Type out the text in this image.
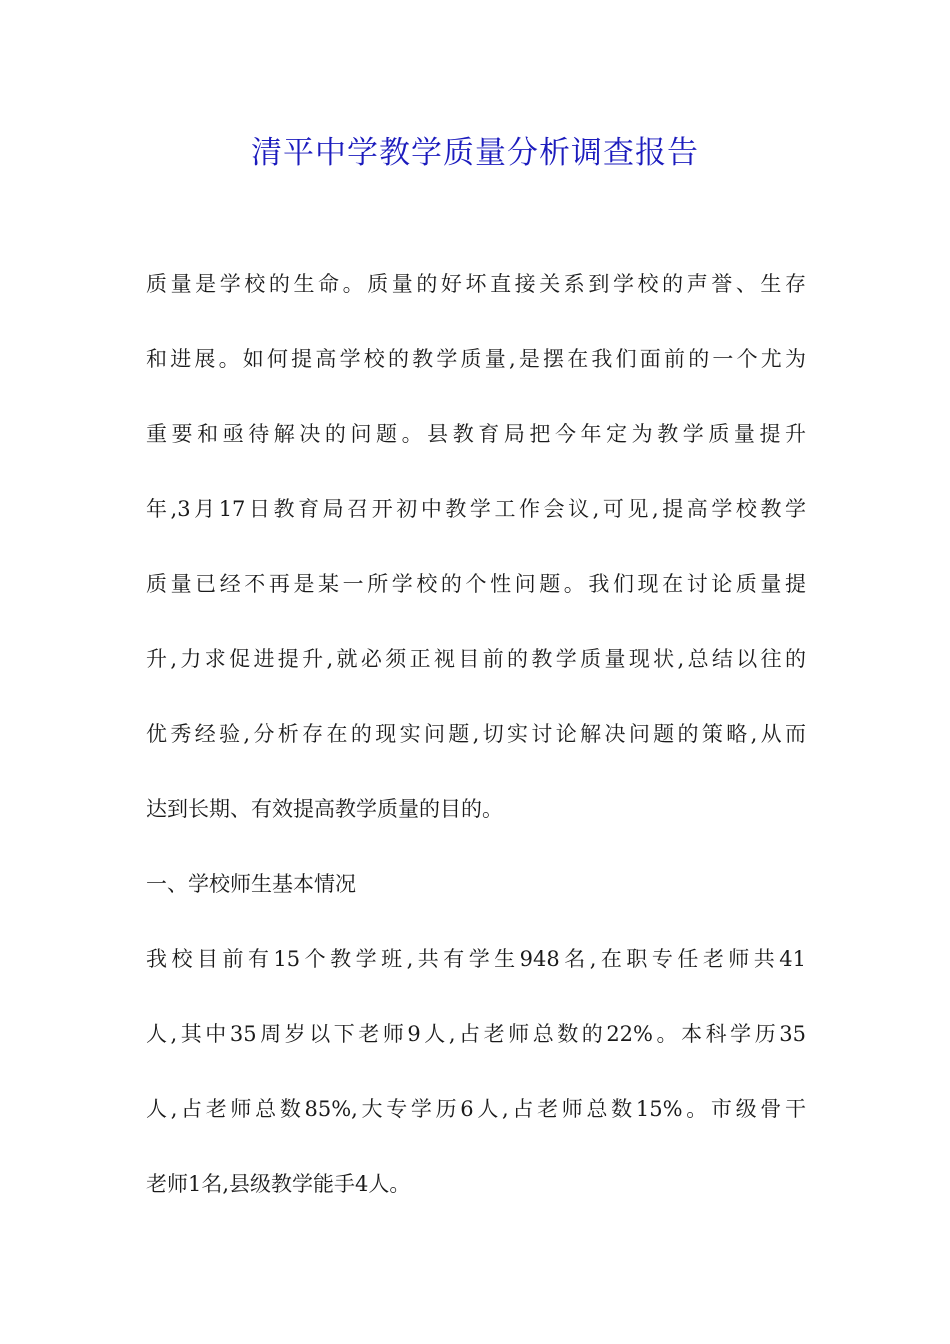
清平中学教学质量分析调查报告
质量是学校的生命。质量的好坏直接关系到学校的声誉、生存
和进展。如何提高学校的教学质量,是摆在我们面前的一个尤为
重要和亟待解决的问题。县教育局把今年定为教学质量提升
年,3月17日教育局召开初中教学工作会议,可见,提高学校教学
质量已经不再是某一所学校的个性问题。我们现在讨论质量提
升,力求促进提升,就必须正视目前的教学质量现状,总结以往的
优秀经验,分析存在的现实问题,切实讨论解决问题的策略,从而
达到长期、有效提高教学质量的目的。
一、学校师生基本情况
我校目前有15个教学班,共有学生948名,在职专任老师共41
人,其中35周岁以下老师9人,占老师总数的22%。本科学历35
人,占老师总数85%,大专学历6人,占老师总数15%。市级骨干
老师1名,县级教学能手4人。
